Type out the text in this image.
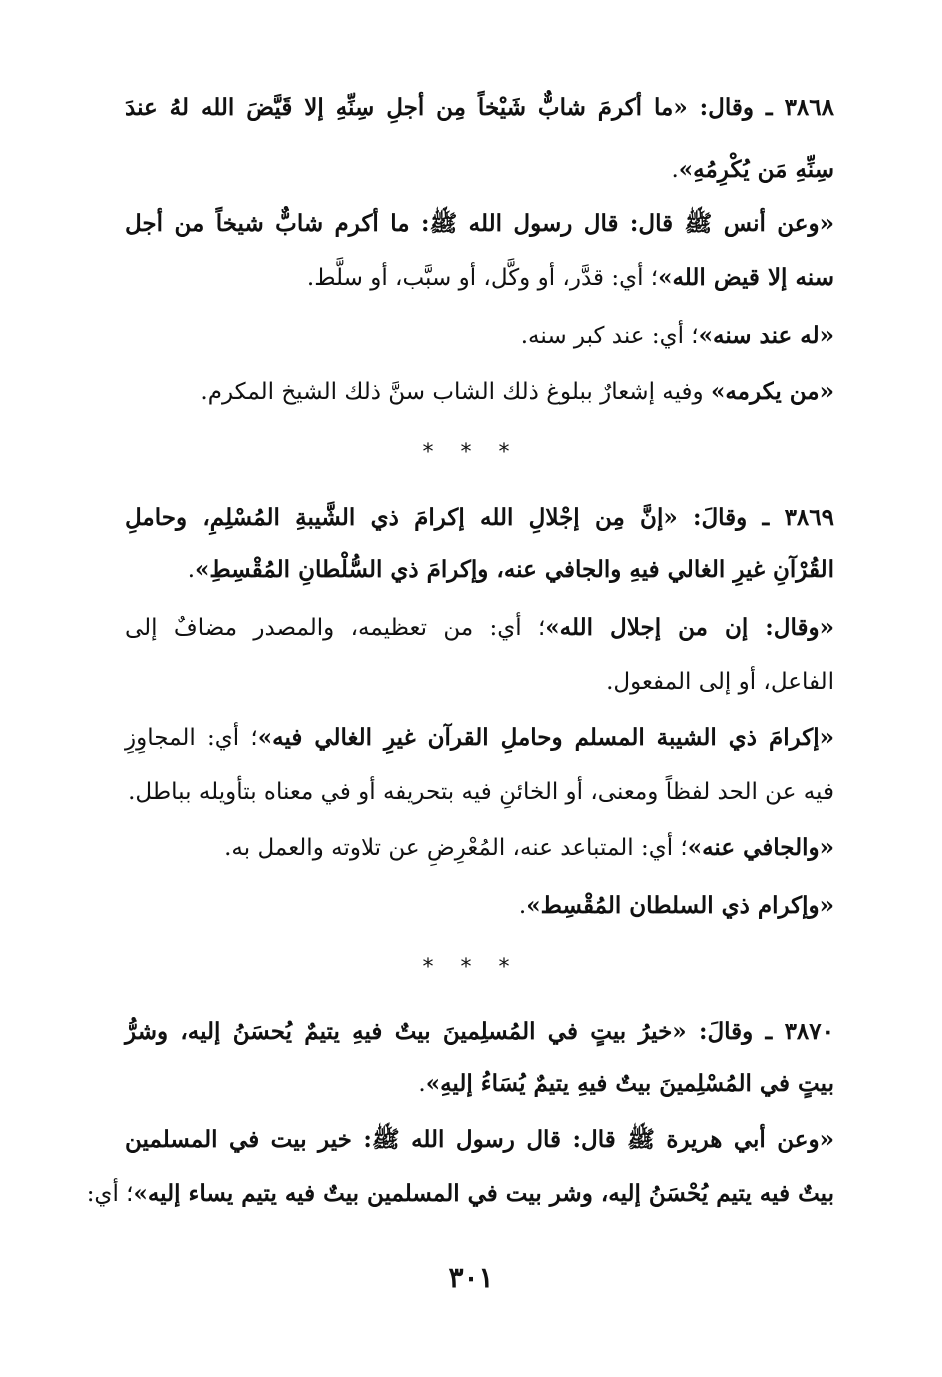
٣٨٦٨ ـ وقال: «ما أكرمَ شابٌّ شَيْخاً مِن أجلِ سِنِّهِ إلا قَيَّضَ الله لهُ عندَ
سِنِّهِ مَن يُكْرِمُهِ».
«وعن أنس ﷺ قال: قال رسول الله ﷺ: ما أكرم شابٌّ شيخاً من أجل
سنه إلا قيض الله»؛ أي: قدَّر، أو وكَّل، أو سبَّب، أو سلَّط.
«له عند سنه»؛ أي: عند كبر سنه.
«من يكرمه» وفيه إشعارٌ ببلوغ ذلك الشاب سنَّ ذلك الشيخ المكرم.
* * *
٣٨٦٩ ـ وقالَ: «إنَّ مِن إجْلالِ الله إكرامَ ذي الشَّيبةِ المُسْلِمِ، وحاملِ
القُرْآنِ غيرِ الغالي فيهِ والجافي عنه، وإكرامَ ذي السُّلْطانِ المُقْسِطِ».
«وقال: إن من إجلال الله»؛ أي: من تعظيمه، والمصدر مضافٌ إلى
الفاعل، أو إلى المفعول.
«إكرامَ ذي الشيبة المسلم وحاملِ القرآن غيرِ الغالي فيه»؛ أي: المجاوِزِ
فيه عن الحد لفظاً ومعنى، أو الخائنِ فيه بتحريفه أو في معناه بتأويله بباطل.
«والجافي عنه»؛ أي: المتباعد عنه، المُعْرِضِ عن تلاوته والعمل به.
«وإكرام ذي السلطان المُقْسِط».
* * *
٣٨٧٠ ـ وقالَ: «خيرُ بيتٍ في المُسلِمينَ بيتٌ فيهِ يتيمٌ يُحسَنُ إليه، وشرُّ
بيتٍ في المُسْلِمينَ بيتٌ فيهِ يتيمٌ يُسَاءُ إليهِ».
«وعن أبي هريرة ﷺ قال: قال رسول الله ﷺ: خير بيت في المسلمين
بيتٌ فيه يتيم يُحْسَنُ إليه، وشر بيت في المسلمين بيتٌ فيه يتيم يساء إليه»؛ أي:
٣٠١
